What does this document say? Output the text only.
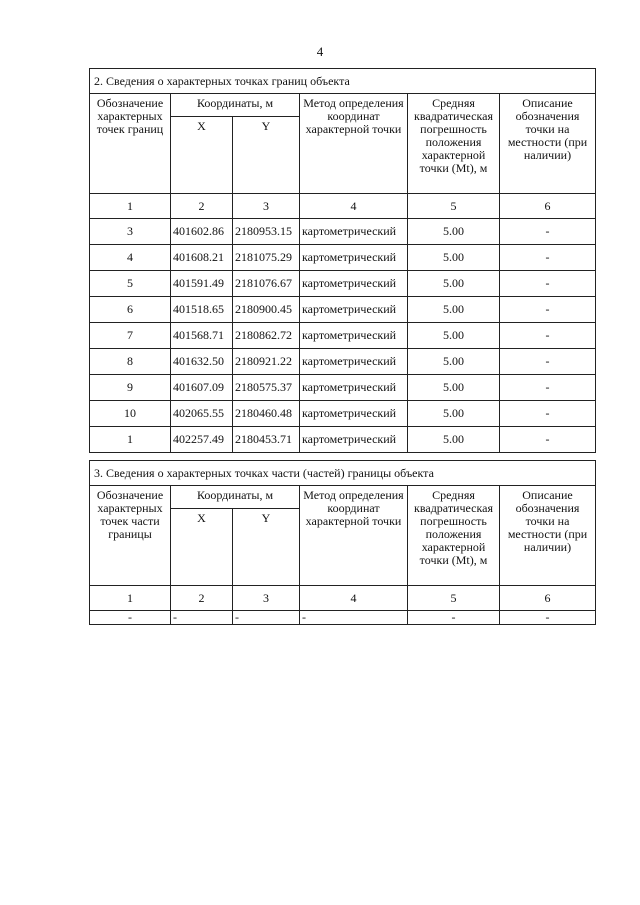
4
2. Сведения о характерных точках границ объекта					
Обозначение характерных точек границ	Координаты, м		Метод определения координат характерной точки	Средняя квадратическая погрешность положения характерной точки (Mt), м	Описание обозначения точки на местности (при наличии)
	X	Y			
1	2	3	4	5	6
3	401602.86	2180953.15	картометрический	5.00	-
4	401608.21	2181075.29	картометрический	5.00	-
5	401591.49	2181076.67	картометрический	5.00	-
6	401518.65	2180900.45	картометрический	5.00	-
7	401568.71	2180862.72	картометрический	5.00	-
8	401632.50	2180921.22	картометрический	5.00	-
9	401607.09	2180575.37	картометрический	5.00	-
10	402065.55	2180460.48	картометрический	5.00	-
1	402257.49	2180453.71	картометрический	5.00	-
3. Сведения о характерных точках части (частей) границы объекта					
Обозначение характерных точек части границы	Координаты, м		Метод определения координат характерной точки	Средняя квадратическая погрешность положения характерной точки (Mt), м	Описание обозначения точки на местности (при наличии)
	X	Y			
1	2	3	4	5	6
-	-	-	-	-	-
